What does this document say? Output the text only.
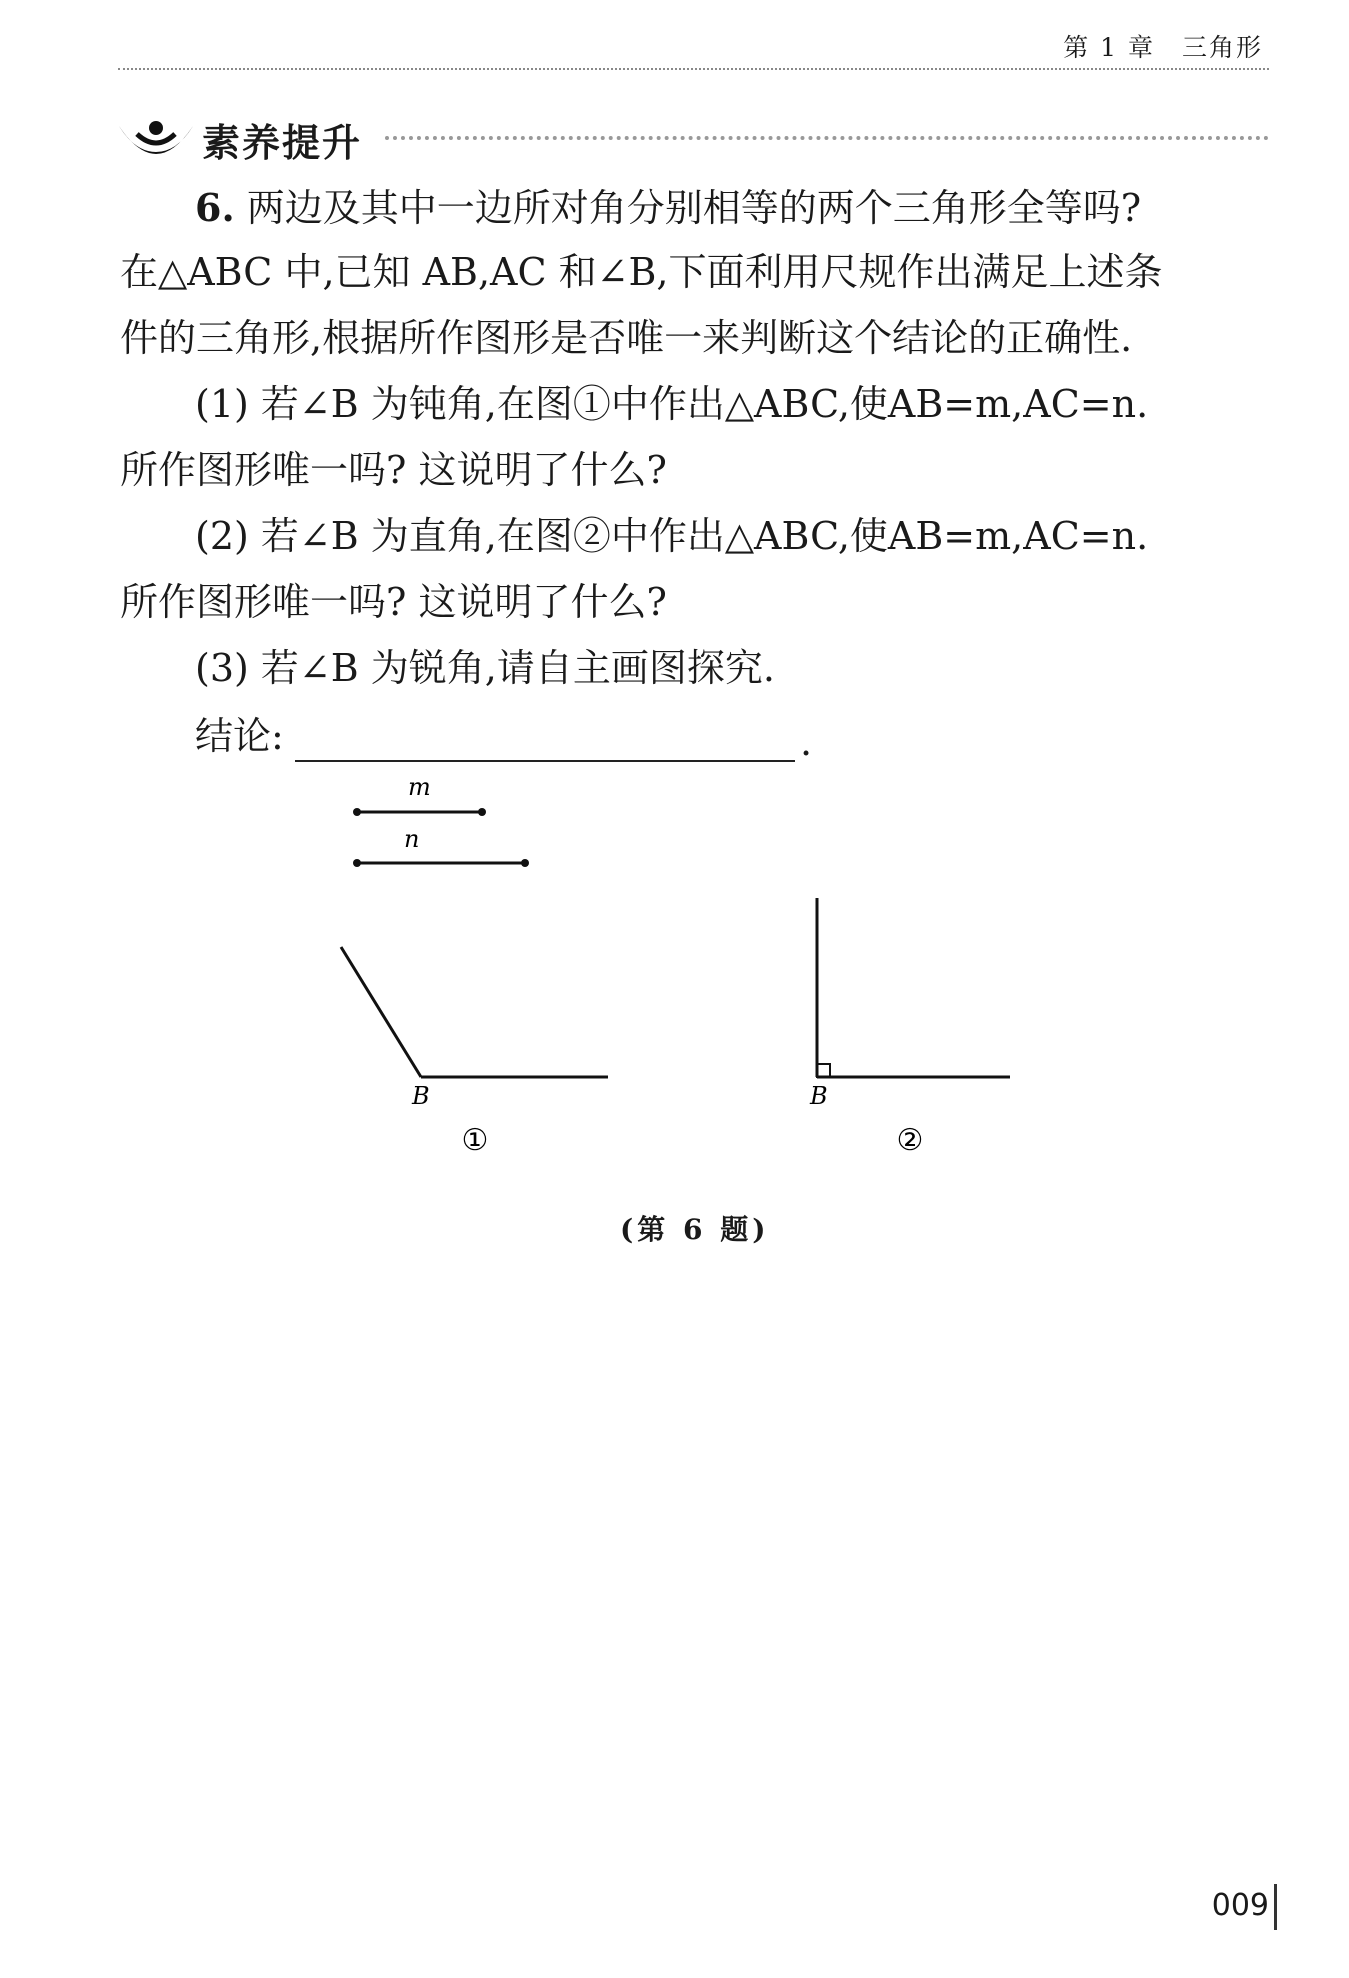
第 1 章　三角形
素养提升
6. 两边及其中一边所对角分别相等的两个三角形全等吗?
在△ABC 中,已知 AB,AC 和∠B,下面利用尺规作出满足上述条
件的三角形,根据所作图形是否唯一来判断这个结论的正确性.
(1) 若∠B 为钝角,在图①中作出△ABC,使AB=m,AC=n.
所作图形唯一吗? 这说明了什么?
(2) 若∠B 为直角,在图②中作出△ABC,使AB=m,AC=n.
所作图形唯一吗? 这说明了什么?
(3) 若∠B 为锐角,请自主画图探究.
结论:	.
m
n
B
①
B
②
(第 6 题)
009
